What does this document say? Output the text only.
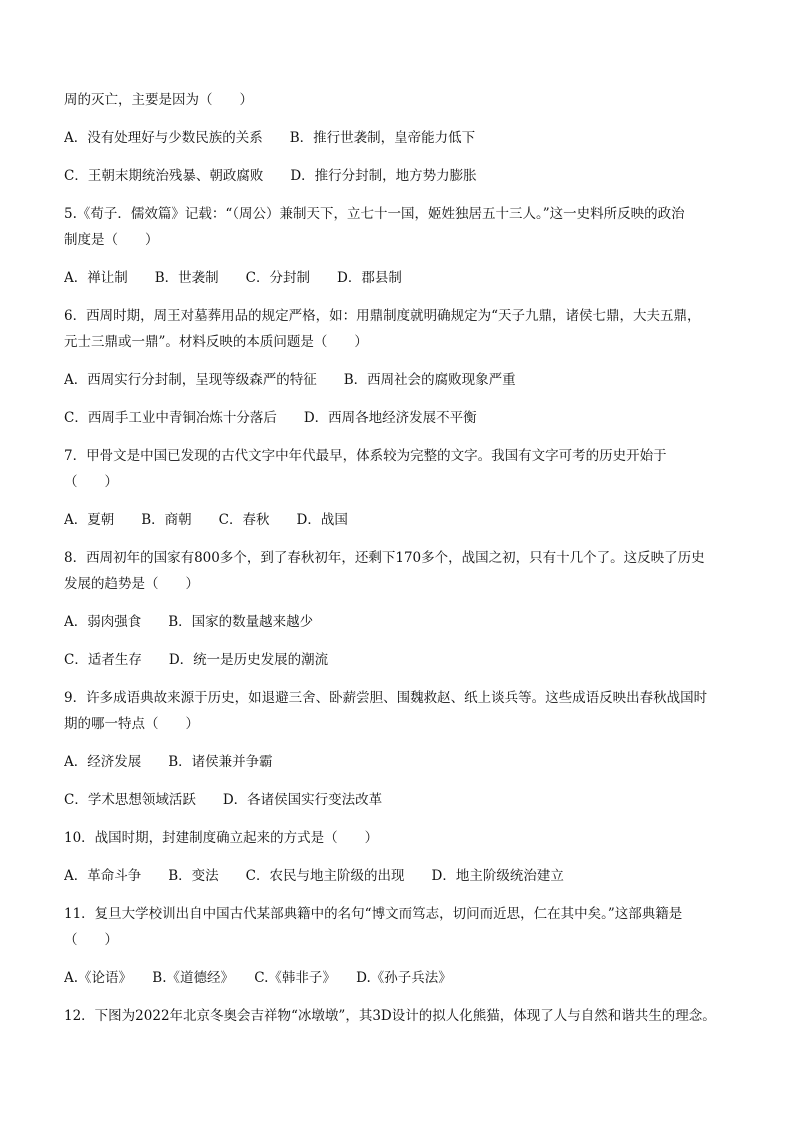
周的灭亡，主要是因为（　　）
A．没有处理好与少数民族的关系　　B．推行世袭制，皇帝能力低下
C．王朝末期统治残暴、朝政腐败　　D．推行分封制，地方势力膨胀
5.《荀子．儒效篇》记载：“（周公）兼制天下，立七十一国，姬姓独居五十三人。”这一史料所反映的政治
制度是（　　）
A．禅让制　　B．世袭制　　C．分封制　　D．郡县制
6．西周时期，周王对墓葬用品的规定严格，如：用鼎制度就明确规定为“天子九鼎，诸侯七鼎，大夫五鼎，
元士三鼎或一鼎”。材料反映的本质问题是（　　）
A．西周实行分封制，呈现等级森严的特征　　B．西周社会的腐败现象严重
C．西周手工业中青铜冶炼十分落后　　D．西周各地经济发展不平衡
7．甲骨文是中国已发现的古代文字中年代最早，体系较为完整的文字。我国有文字可考的历史开始于
（　　）
A．夏朝　　B．商朝　　C．春秋　　D．战国
8．西周初年的国家有800多个，到了春秋初年，还剩下170多个，战国之初，只有十几个了。这反映了历史
发展的趋势是（　　）
A．弱肉强食　　B．国家的数量越来越少
C．适者生存　　D．统一是历史发展的潮流
9．许多成语典故来源于历史，如退避三舍、卧薪尝胆、围魏救赵、纸上谈兵等。这些成语反映出春秋战国时
期的哪一特点（　　）
A．经济发展　　B．诸侯兼并争霸
C．学术思想领域活跃　　D．各诸侯国实行变法改革
10．战国时期，封建制度确立起来的方式是（　　）
A．革命斗争　　B．变法　　C．农民与地主阶级的出现　　D．地主阶级统治建立
11．复旦大学校训出自中国古代某部典籍中的名句“博文而笃志，切问而近思，仁在其中矣。”这部典籍是
（　　）
A.《论语》　　B.《道德经》　　C.《韩非子》　　D.《孙子兵法》
12．下图为2022年北京冬奥会吉祥物“冰墩墩”，其3D设计的拟人化熊猫，体现了人与自然和谐共生的理念。
